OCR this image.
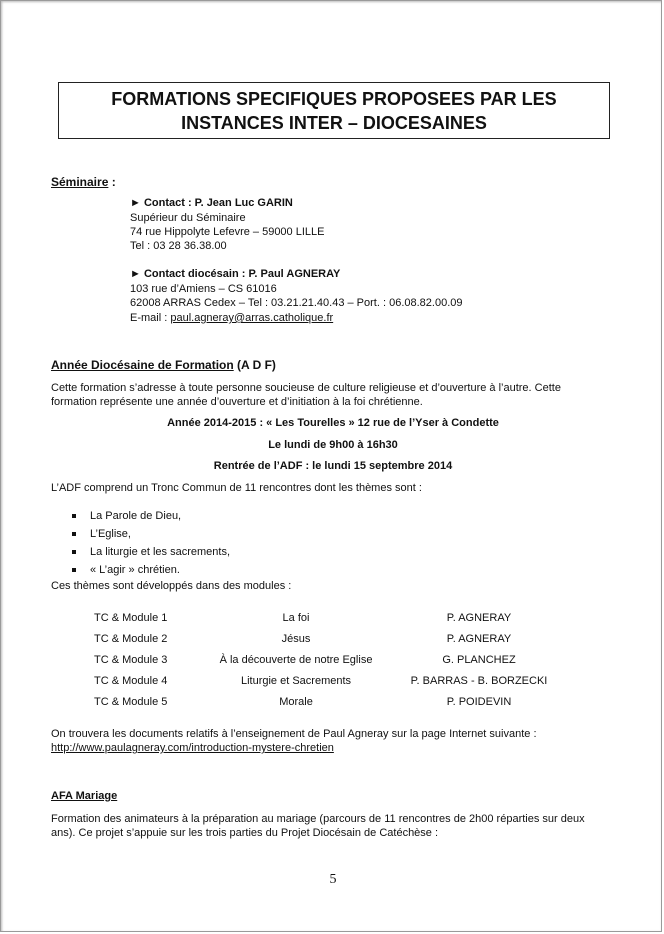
FORMATIONS SPECIFIQUES PROPOSEES PAR LES
INSTANCES INTER – DIOCESAINES
Séminaire :
► Contact : P. Jean Luc GARIN
Supérieur du Séminaire
74 rue Hippolyte Lefevre – 59000 LILLE
Tel : 03 28 36.38.00
► Contact diocésain : P. Paul AGNERAY
103 rue d’Amiens – CS 61016
62008 ARRAS Cedex – Tel : 03.21.21.40.43 – Port. : 06.08.82.00.09
E-mail : paul.agneray@arras.catholique.fr
Année Diocésaine de Formation (A D F)
Cette formation s’adresse à toute personne soucieuse de culture religieuse et d’ouverture à l’autre. Cette
formation représente une année d’ouverture et d’initiation à la foi chrétienne.
Année 2014-2015 : « Les Tourelles » 12 rue de l’Yser à Condette
Le lundi de 9h00 à 16h30
Rentrée de l’ADF : le lundi 15 septembre 2014
L’ADF comprend un Tronc Commun de 11 rencontres dont les thèmes sont :
La Parole de Dieu,
L’Eglise,
La liturgie et les sacrements,
« L’agir » chrétien.
Ces thèmes sont développés dans des modules :
TC & Module 1	La foi	P. AGNERAY
TC & Module 2	Jésus	P. AGNERAY
TC & Module 3	À la découverte de notre Eglise	G. PLANCHEZ
TC & Module 4	Liturgie et Sacrements	P. BARRAS - B. BORZECKI
TC & Module 5	Morale	P. POIDEVIN
On trouvera les documents relatifs à l’enseignement de Paul Agneray sur la page Internet suivante :
http://www.paulagneray.com/introduction-mystere-chretien
AFA Mariage
Formation des animateurs à la préparation au mariage (parcours de 11 rencontres de 2h00 réparties sur deux
ans). Ce projet s’appuie sur les trois parties du Projet Diocésain de Catéchèse :
5
